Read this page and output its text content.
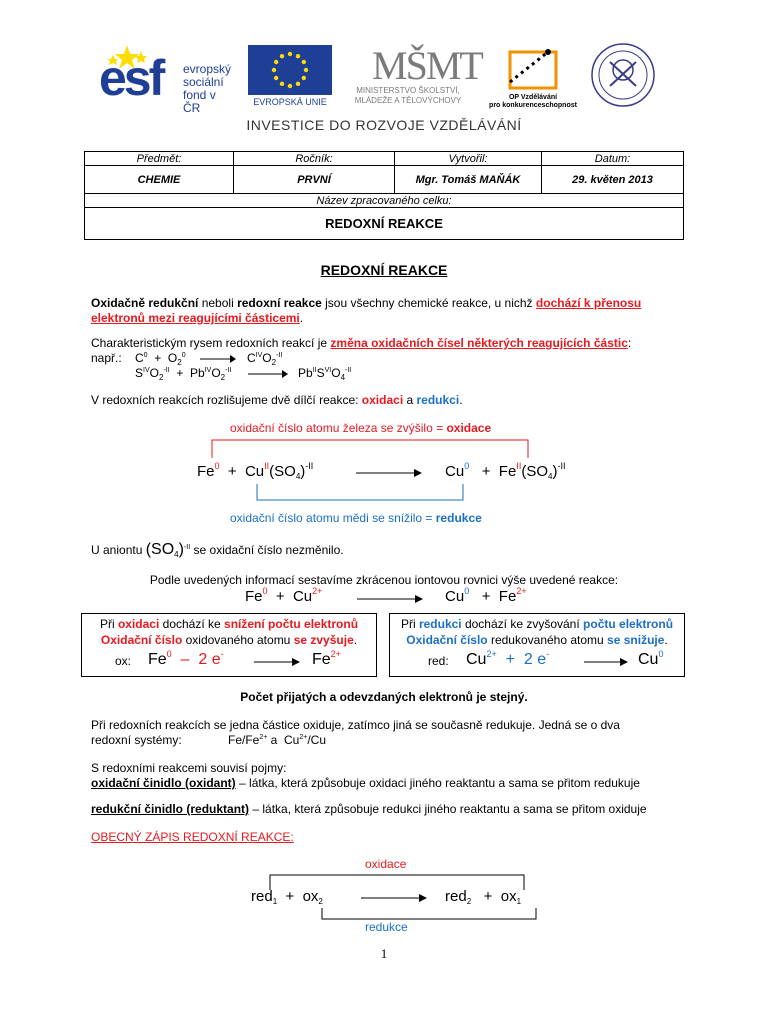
esf evropský
sociální
fond v ČR	EVROPSKÁ UNIE
MŠMT
MINISTERSTVO ŠKOLSTVÍ,
MLÁDEŽE A TĚLOVÝCHOVY	OP Vzdělávání
pro konkurenceschopnost
INVESTICE DO ROZVOJE VZDĚLÁVÁNÍ
Předmět:	Ročník:	Vytvořil:	Datum:
CHEMIE	PRVNÍ	Mgr. Tomáš MAŇÁK	29. květen 2013
Název zpracovaného celku:			
REDOXNÍ REAKCE			
REDOXNÍ REAKCE
Oxidačně redukční neboli redoxní reakce jsou všechny chemické reakce, u nichž dochází k přenosu
elektronů mezi reagujícími částicemi.
Charakteristickým rysem redoxních reakcí je změna oxidačních čísel některých reagujících částic:
např.: $C^0 + O_2^0$	$C^{IV}O_2^{-II}$
$S^{IV}O_2^{-II} + Pb^{IV}O_2^{-II}$	$Pb^{II}S^{VI}O_4^{-II}$
V redoxních reakcích rozlišujeme dvě dílčí reakce: oxidaci a redukci.
oxidační číslo atomu železa se zvýšilo = oxidace
$Fe^0 + Cu^{II}(SO_4)^{-II}$	$Cu^0 + Fe^{II}(SO_4)^{-II}$
oxidační číslo atomu mědi se snížilo = redukce
U aniontu $(SO_4)^{-II}$ se oxidační číslo nezměnilo.
Podle uvedených informací sestavíme zkrácenou iontovou rovnici výše uvedené reakce:
$Fe^0 + Cu^{2+}$	$Cu^0 + Fe^{2+}$
Při oxidaci dochází ke snížení počtu elektronů
Oxidační číslo oxidovaného atomu se zvyšuje.
ox: Fe$^0$  –  2 e-	$Fe^{2+}$
Při redukci dochází ke zvyšování počtu elektronů
Oxidační číslo redukovaného atomu se snižuje.
red: $Cu^{2+} + 2$ e-	Cu$^0$
Počet přijatých a odevzdaných elektronů je stejný.
Při redoxních reakcích se jedna částice oxiduje, zatímco jiná se současně redukuje. Jedná se o dva
redoxní systémy:	$Fe/Fe^{2+}$ a  $Cu^{2+}/Cu$
S redoxními reakcemi souvisí pojmy:
oxidační činidlo (oxidant) – látka, která způsobuje oxidaci jiného reaktantu a sama se přitom redukuje
redukční činidlo (reduktant) – látka, která způsobuje redukci jiného reaktantu a sama se přitom oxiduje
OBECNÝ ZÁPIS REDOXNÍ REAKCE:
oxidace
$red_1 + ox_2$	$red_2 + ox_1$
redukce
1
